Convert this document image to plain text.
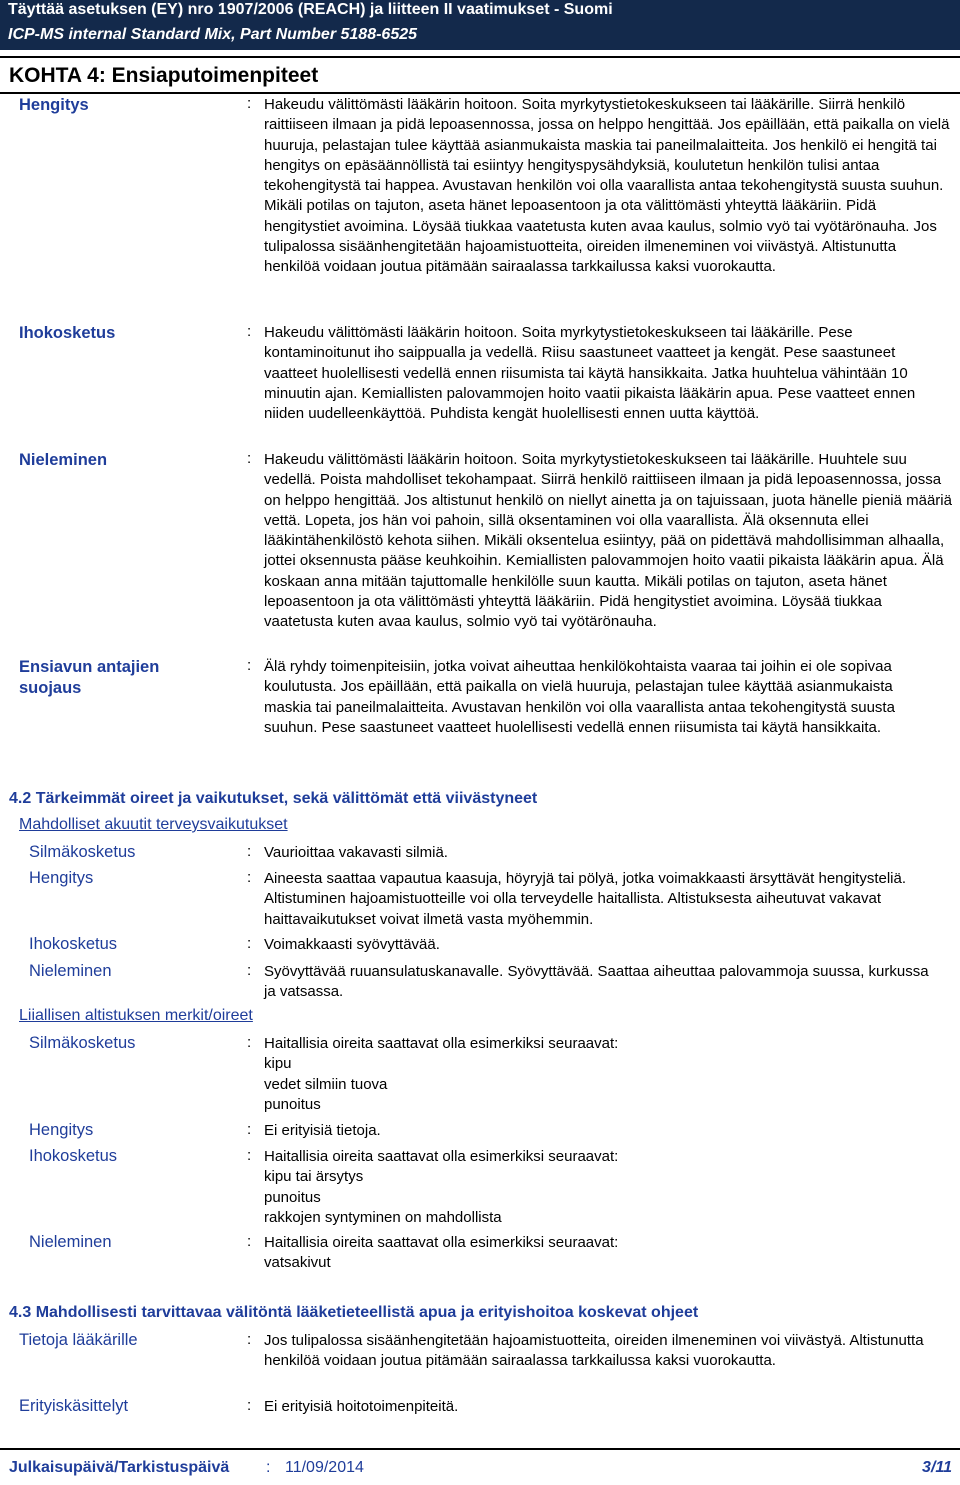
Täyttää asetuksen (EY) nro 1907/2006 (REACH) ja liitteen II vaatimukset - Suomi
ICP-MS internal Standard Mix, Part Number 5188-6525
KOHTA 4: Ensiaputoimenpiteet
Hengitys	: Hakeudu välittömästi lääkärin hoitoon. Soita myrkytystietokeskukseen tai lääkärille. Siirrä henkilö raittiiseen ilmaan ja pidä lepoasennossa, jossa on helppo hengittää. Jos epäillään, että paikalla on vielä huuruja, pelastajan tulee käyttää asianmukaista maskia tai paneilmalaitteita. Jos henkilö ei hengitä tai hengitys on epäsäännöllistä tai esiintyy hengityspysähdyksiä, koulutetun henkilön tulisi antaa tekohengitystä tai happea. Avustavan henkilön voi olla vaarallista antaa tekohengitystä suusta suuhun. Mikäli potilas on tajuton, aseta hänet lepoasentoon ja ota välittömästi yhteyttä lääkäriin. Pidä hengitystiet avoimina. Löysää tiukkaa vaatetusta kuten avaa kaulus, solmio vyö tai vyötärönauha. Jos tulipalossa sisäänhengitetään hajoamistuotteita, oireiden ilmeneminen voi viivästyä. Altistunutta henkilöä voidaan joutua pitämään sairaalassa tarkkailussa kaksi vuorokautta.
Ihokosketus	: Hakeudu välittömästi lääkärin hoitoon. Soita myrkytystietokeskukseen tai lääkärille. Pese kontaminoitunut iho saippualla ja vedellä. Riisu saastuneet vaatteet ja kengät. Pese saastuneet vaatteet huolellisesti vedellä ennen riisumista tai käytä hansikkaita. Jatka huuhtelua vähintään 10 minuutin ajan. Kemiallisten palovammojen hoito vaatii pikaista lääkärin apua. Pese vaatteet ennen niiden uudelleenkäyttöä. Puhdista kengät huolellisesti ennen uutta käyttöä.
Nieleminen	: Hakeudu välittömästi lääkärin hoitoon. Soita myrkytystietokeskukseen tai lääkärille. Huuhtele suu vedellä. Poista mahdolliset tekohampaat. Siirrä henkilö raittiiseen ilmaan ja pidä lepoasennossa, jossa on helppo hengittää. Jos altistunut henkilö on niellyt ainetta ja on tajuissaan, juota hänelle pieniä määriä vettä. Lopeta, jos hän voi pahoin, sillä oksentaminen voi olla vaarallista. Älä oksennuta ellei lääkintähenkilöstö kehota siihen. Mikäli oksentelua esiintyy, pää on pidettävä mahdollisimman alhaalla, jottei oksennusta pääse keuhkoihin. Kemiallisten palovammojen hoito vaatii pikaista lääkärin apua. Älä koskaan anna mitään tajuttomalle henkilölle suun kautta. Mikäli potilas on tajuton, aseta hänet lepoasentoon ja ota välittömästi yhteyttä lääkäriin. Pidä hengitystiet avoimina. Löysää tiukkaa vaatetusta kuten avaa kaulus, solmio vyö tai vyötärönauha.
Ensiavun antajien
suojaus
: Älä ryhdy toimenpiteisiin, jotka voivat aiheuttaa henkilökohtaista vaaraa tai joihin ei ole sopivaa koulutusta. Jos epäillään, että paikalla on vielä huuruja, pelastajan tulee käyttää asianmukaista maskia tai paneilmalaitteita. Avustavan henkilön voi olla vaarallista antaa tekohengitystä suusta suuhun. Pese saastuneet vaatteet huolellisesti vedellä ennen riisumista tai käytä hansikkaita.
4.2 Tärkeimmät oireet ja vaikutukset, sekä välittömät että viivästyneet
Mahdolliset akuutit terveysvaikutukset
Silmäkosketus	: Vaurioittaa vakavasti silmiä.
Hengitys	: Aineesta saattaa vapautua kaasuja, höyryjä tai pölyä, jotka voimakkaasti ärsyttävät hengitysteliä. Altistuminen hajoamistuotteille voi olla terveydelle haitallista. Altistuksesta aiheutuvat vakavat haittavaikutukset voivat ilmetä vasta myöhemmin.
Ihokosketus	: Voimakkaasti syövyttävää.
Nieleminen	: Syövyttävää ruuansulatuskanavalle. Syövyttävää. Saattaa aiheuttaa palovammoja suussa, kurkussa ja vatsassa.
Liiallisen altistuksen merkit/oireet
Silmäkosketus	: Haitallisia oireita saattavat olla esimerkiksi seuraavat:
kipu
vedet silmiin tuova
punoitus
Hengitys	: Ei erityisiä tietoja.
Ihokosketus	: Haitallisia oireita saattavat olla esimerkiksi seuraavat:
kipu tai ärsytys
punoitus
rakkojen syntyminen on mahdollista
Nieleminen	: Haitallisia oireita saattavat olla esimerkiksi seuraavat:
vatsakivut
4.3 Mahdollisesti tarvittavaa välitöntä lääketieteellistä apua ja erityishoitoa koskevat ohjeet
Tietoja lääkärille	: Jos tulipalossa sisäänhengitetään hajoamistuotteita, oireiden ilmeneminen voi viivästyä. Altistunutta henkilöä voidaan joutua pitämään sairaalassa tarkkailussa kaksi vuorokautta.
Erityiskäsittelyt	: Ei erityisiä hoitotoimenpiteitä.
Julkaisupäivä/Tarkistuspäivä : 11/09/2014	3/11
